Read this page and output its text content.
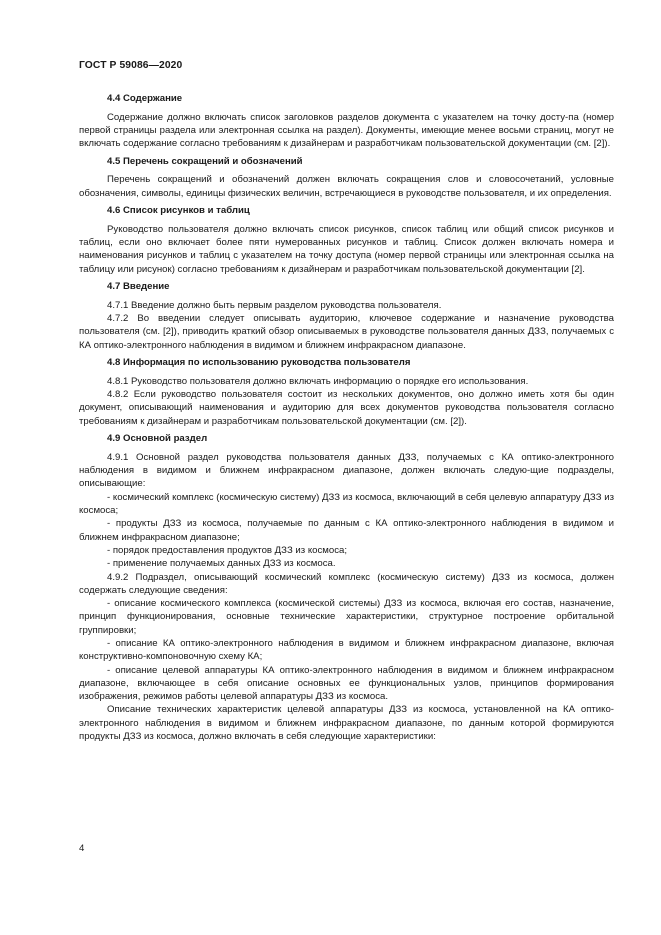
ГОСТ Р 59086—2020

4.4 Содержание

Содержание должно включать список заголовков разделов документа с указателем на точку досту-па (номер первой страницы раздела или электронная ссылка на раздел). Документы, имеющие менее восьми страниц, могут не включать содержание согласно требованиям к дизайнерам и разработчикам пользовательской документации (см. [2]).

4.5 Перечень сокращений и обозначений

Перечень сокращений и обозначений должен включать сокращения слов и словосочетаний, условные обозначения, символы, единицы физических величин, встречающиеся в руководстве пользователя, и их определения.

4.6 Список рисунков и таблиц

Руководство пользователя должно включать список рисунков, список таблиц или общий список рисунков и таблиц, если оно включает более пяти нумерованных рисунков и таблиц. Список должен включать номера и наименования рисунков и таблиц с указателем на точку доступа (номер первой страницы или электронная ссылка на таблицу или рисунок) согласно требованиям к дизайнерам и разработчикам пользовательской документации [2].

4.7 Введение

4.7.1 Введение должно быть первым разделом руководства пользователя.

4.7.2 Во введении следует описывать аудиторию, ключевое содержание и назначение руководства пользователя (см. [2]), приводить краткий обзор описываемых в руководстве пользователя данных ДЗЗ, получаемых с КА оптико-электронного наблюдения в видимом и ближнем инфракрасном диапазоне.

4.8 Информация по использованию руководства пользователя

4.8.1 Руководство пользователя должно включать информацию о порядке его использования.

4.8.2 Если руководство пользователя состоит из нескольких документов, оно должно иметь хотя бы один документ, описывающий наименования и аудиторию для всех документов руководства пользователя согласно требованиям к дизайнерам и разработчикам пользовательской документации (см. [2]).

4.9 Основной раздел

4.9.1 Основной раздел руководства пользователя данных ДЗЗ, получаемых с КА оптико-электронного наблюдения в видимом и ближнем инфракрасном диапазоне, должен включать следую-щие подразделы, описывающие:

- космический комплекс (космическую систему) ДЗЗ из космоса, включающий в себя целевую аппаратуру ДЗЗ из космоса;

- продукты ДЗЗ из космоса, получаемые по данным с КА оптико-электронного наблюдения в видимом и ближнем инфракрасном диапазоне;

- порядок предоставления продуктов ДЗЗ из космоса;

- применение получаемых данных ДЗЗ из космоса.

4.9.2 Подраздел, описывающий космический комплекс (космическую систему) ДЗЗ из космоса, должен содержать следующие сведения:

- описание космического комплекса (космической системы) ДЗЗ из космоса, включая его состав, назначение, принцип функционирования, основные технические характеристики, структурное построение орбитальной группировки;

- описание КА оптико-электронного наблюдения в видимом и ближнем инфракрасном диапазоне, включая конструктивно-компоновочную схему КА;

- описание целевой аппаратуры КА оптико-электронного наблюдения в видимом и ближнем инфракрасном диапазоне, включающее в себя описание основных ее функциональных узлов, принципов формирования изображения, режимов работы целевой аппаратуры ДЗЗ из космоса.

Описание технических характеристик целевой аппаратуры ДЗЗ из космоса, установленной на КА оптико-электронного наблюдения в видимом и ближнем инфракрасном диапазоне, по данным которой формируются продукты ДЗЗ из космоса, должно включать в себя следующие характеристики:

4
